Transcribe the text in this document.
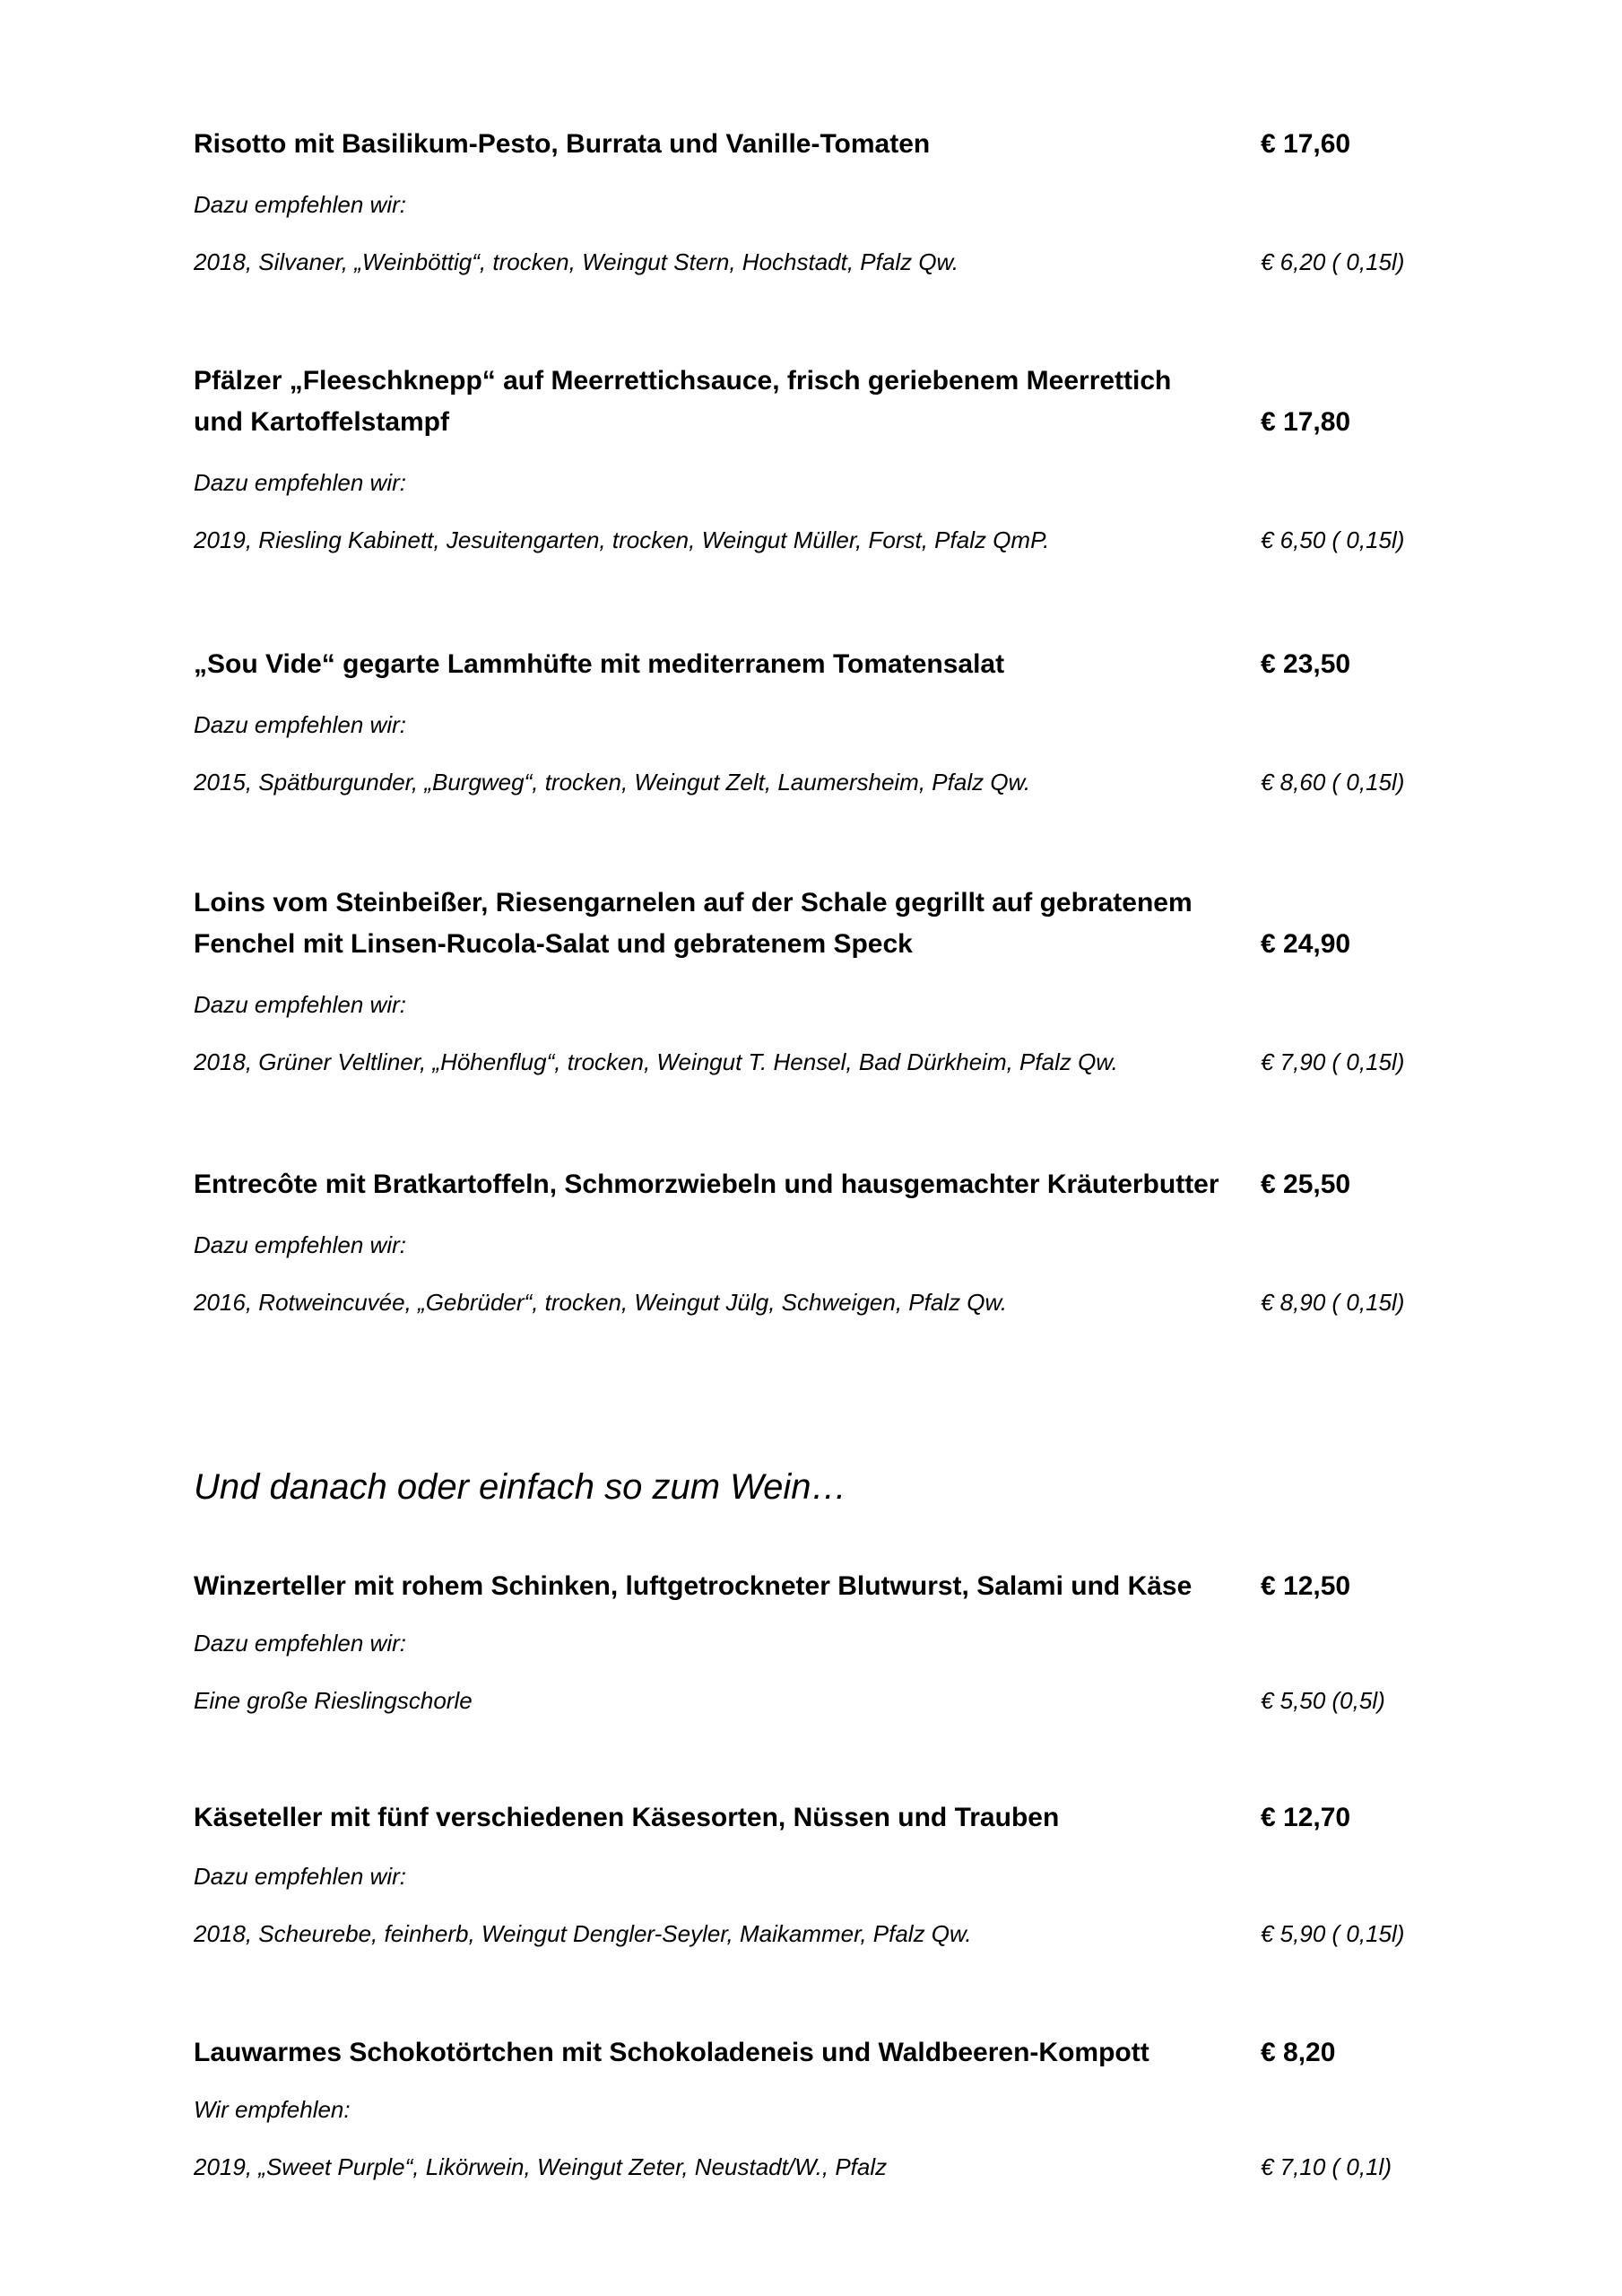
Risotto mit Basilikum-Pesto, Burrata und Vanille-Tomaten	€ 17,60
Dazu empfehlen wir:
2018, Silvaner, „Weinböttig“, trocken, Weingut Stern, Hochstadt, Pfalz Qw.	€ 6,20 ( 0,15l)
Pfälzer „Fleeschknepp“ auf Meerrettichsauce, frisch geriebenem Meerrettich
und Kartoffelstampf	€ 17,80
Dazu empfehlen wir:
2019, Riesling Kabinett, Jesuitengarten, trocken, Weingut Müller, Forst, Pfalz QmP.	€ 6,50 ( 0,15l)
„Sou Vide“ gegarte Lammhüfte mit mediterranem Tomatensalat	€ 23,50
Dazu empfehlen wir:
2015, Spätburgunder, „Burgweg“, trocken, Weingut Zelt, Laumersheim, Pfalz Qw.	€ 8,60 ( 0,15l)
Loins vom Steinbeißer, Riesengarnelen auf der Schale gegrillt auf gebratenem
Fenchel mit Linsen-Rucola-Salat und gebratenem Speck	€ 24,90
Dazu empfehlen wir:
2018, Grüner Veltliner, „Höhenflug“, trocken, Weingut T. Hensel, Bad Dürkheim, Pfalz Qw.	€ 7,90 ( 0,15l)
Entrecôte mit Bratkartoffeln, Schmorzwiebeln und hausgemachter Kräuterbutter	€ 25,50
Dazu empfehlen wir:
2016, Rotweincuvée, „Gebrüder“, trocken, Weingut Jülg, Schweigen, Pfalz Qw.	€ 8,90 ( 0,15l)
Und danach oder einfach so zum Wein…
Winzerteller mit rohem Schinken, luftgetrockneter Blutwurst, Salami und Käse	€ 12,50
Dazu empfehlen wir:
Eine große Rieslingschorle	€ 5,50 (0,5l)
Käseteller mit fünf verschiedenen Käsesorten, Nüssen und Trauben	€ 12,70
Dazu empfehlen wir:
2018, Scheurebe, feinherb, Weingut Dengler-Seyler, Maikammer, Pfalz Qw.	€ 5,90 ( 0,15l)
Lauwarmes Schokotörtchen mit Schokoladeneis und Waldbeeren-Kompott	€ 8,20
Wir empfehlen:
2019, „Sweet Purple“, Likörwein, Weingut Zeter, Neustadt/W., Pfalz	€ 7,10 ( 0,1l)
